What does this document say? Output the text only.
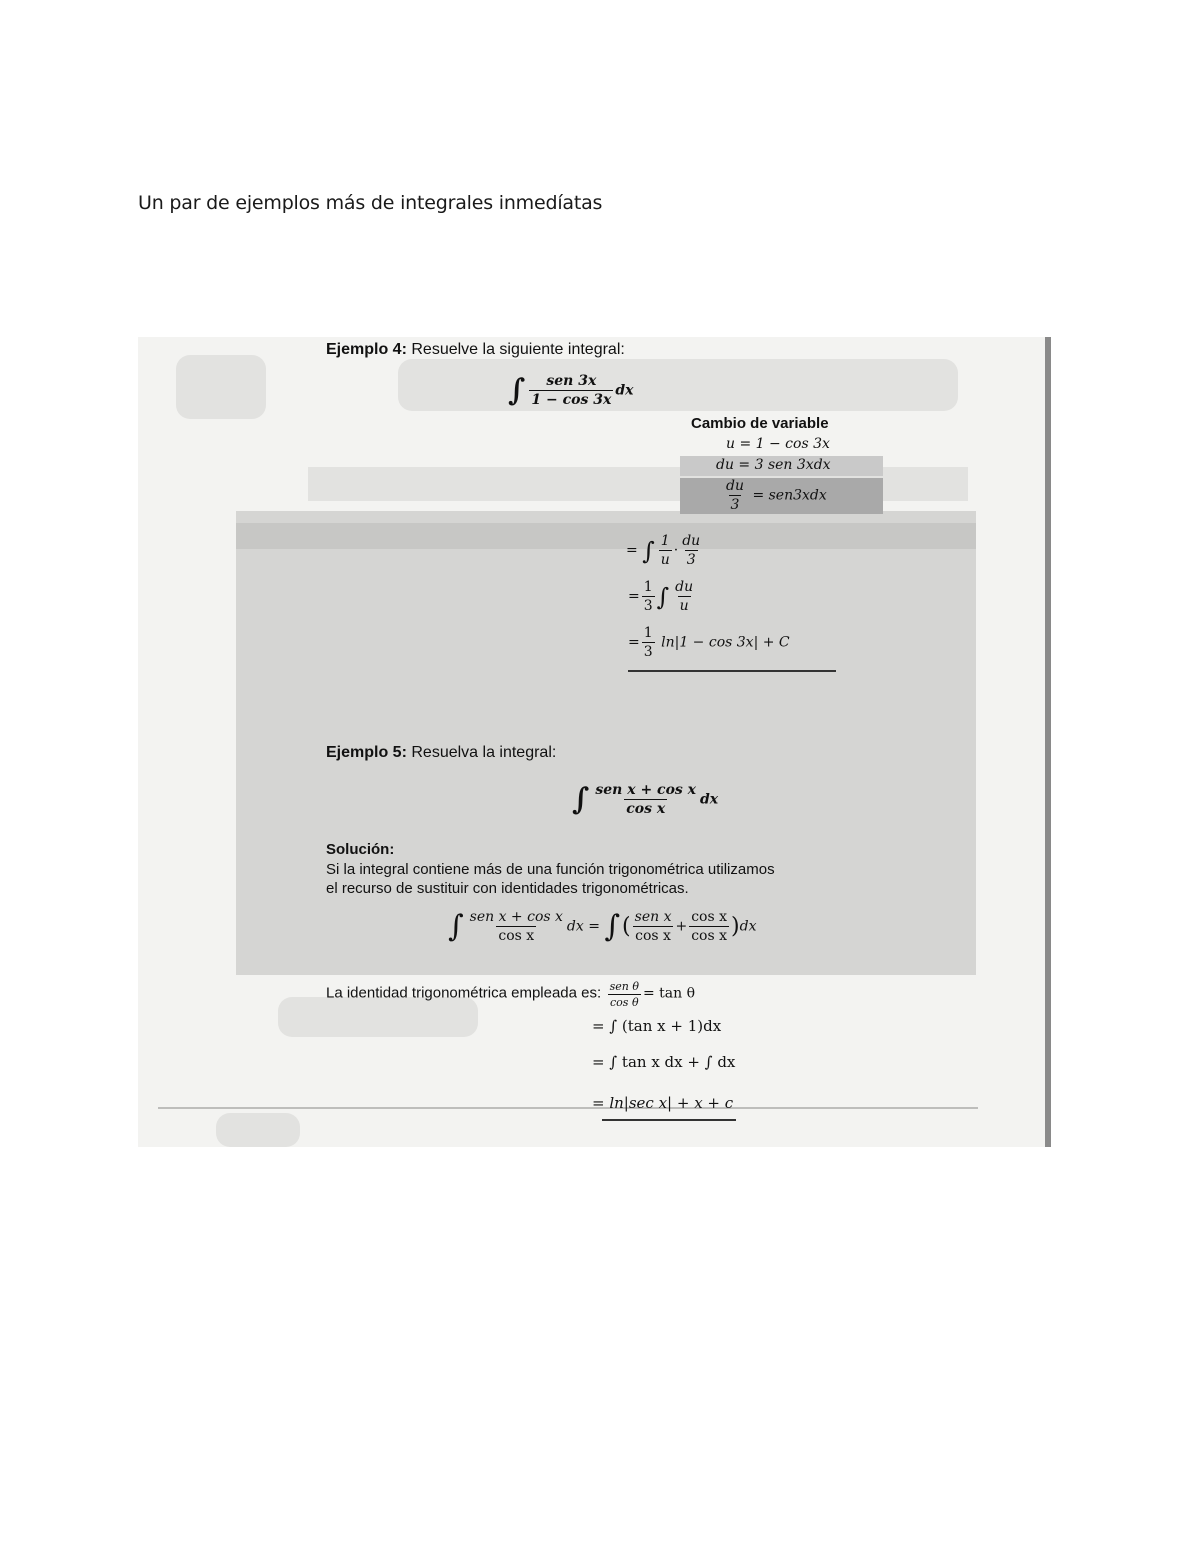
Un par de ejemplos más de integrales inmedíatas
Ejemplo 4: Resuelve la siguiente integral:
∫ $\frac{\text{sen 3x}}{1 - \cos 3x}$ dx
Cambio de variable
u = 1 − cos 3x
du = 3 sen 3xdx
$\frac{du}{3} = sen3xdx$
= ∫ $\frac{1}{u} \cdot \frac{du}{3}$
= $\frac{1}{3}$ ∫ $\frac{du}{u}$
= $\frac{1}{3} \ln|1 - \cos 3x| + C$
Ejemplo 5: Resuelva la integral:
∫ $\frac{\text{sen x + cos x}}{\text{cos x}}$ dx
Solución:
Si la integral contiene más de una función trigonométrica utilizamos
el recurso de sustituir con identidades trigonométricas.
∫ $\frac{\text{sen x + cos x}}{\text{cos x}}$ dx = ∫( $\frac{\text{sen x}}{\text{cos x}} + \frac{\text{cos x}}{\text{cos x}} )dx$
La identidad trigonométrica empleada es: $\frac{\text{sen θ}}{\text{cos θ}} = \tan \theta$
= ∫ (tan x + 1)dx
= ∫ tan x dx + ∫ dx
= ln|sec x| + x + c
